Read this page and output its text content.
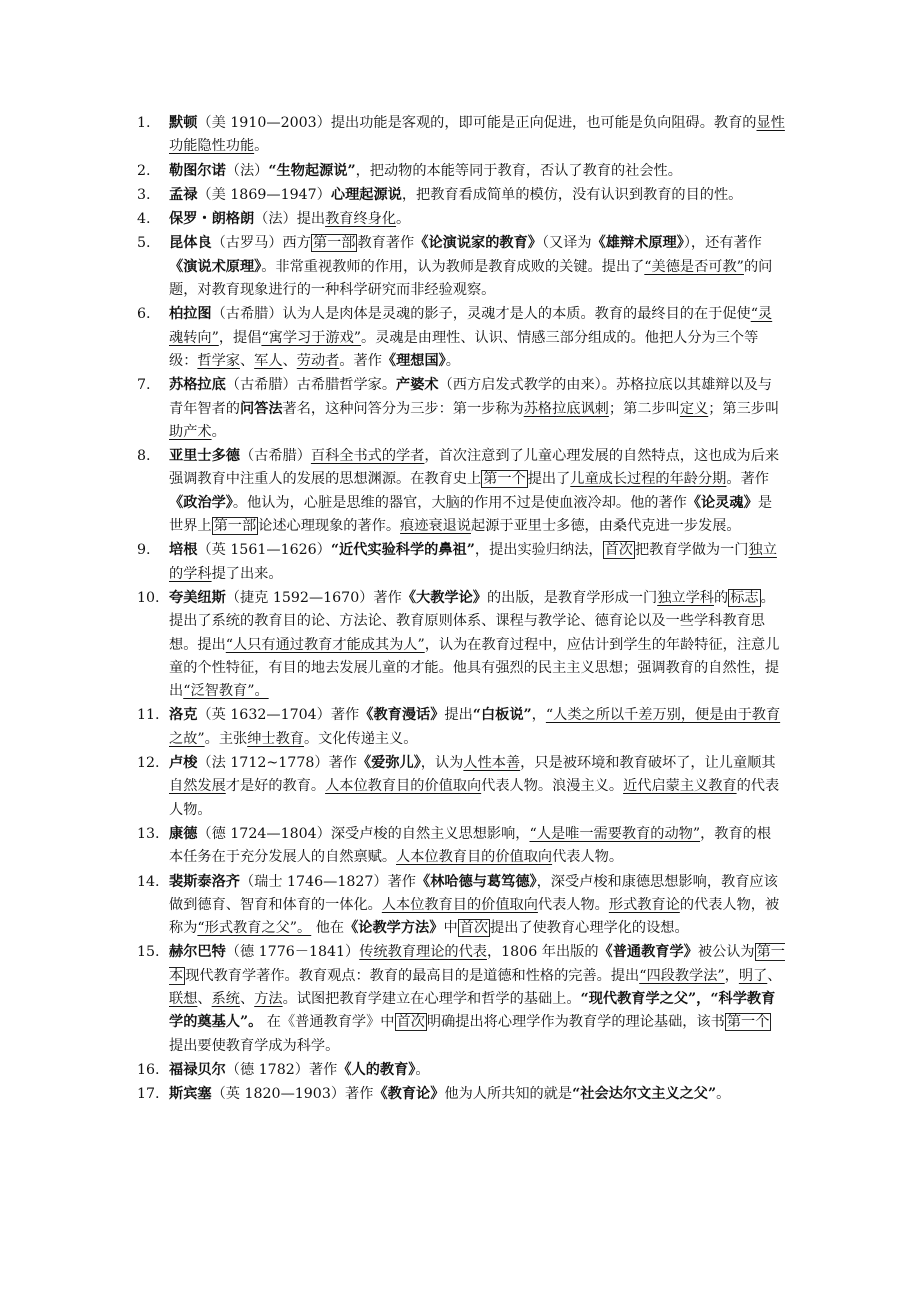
1.	默顿（美 1910—2003）提出功能是客观的，即可能是正向促进，也可能是负向阻碍。教育的显性功能隐性功能。
2.	勒图尔诺（法）“生物起源说”，把动物的本能等同于教育，否认了教育的社会性。
3.	孟禄（美 1869—1947）心理起源说，把教育看成简单的模仿，没有认识到教育的目的性。
4.	保罗・朗格朗（法）提出教育终身化。
5.	昆体良（古罗马）西方 第一部 教育著作《论演说家的教育》（又译为《雄辩术原理》），还有著作《演说术原理》。非常重视教师的作用，认为教师是教育成败的关键。提出了“美德是否可教”的问题，对教育现象进行的一种科学研究而非经验观察。
6.	柏拉图（古希腊）认为人是肉体是灵魂的影子，灵魂才是人的本质。教育的最终目的在于促使“灵魂转向”，提倡“寓学习于游戏”。灵魂是由理性、认识、情感三部分组成的。他把人分为三个等级：哲学家、军人、劳动者。著作《理想国》。
7.	苏格拉底（古希腊）古希腊哲学家。产婆术（西方启发式教学的由来）。苏格拉底以其雄辩以及与青年智者的问答法著名，这种问答分为三步：第一步称为苏格拉底讽刺；第二步叫定义；第三步叫助产术。
8.	亚里士多德（古希腊）百科全书式的学者，首次注意到了儿童心理发展的自然特点，这也成为后来强调教育中注重人的发展的思想渊源。在教育史上 第一个 提出了儿童成长过程的年龄分期。著作《政治学》。他认为，心脏是思维的器官，大脑的作用不过是使血液冷却。他的著作《论灵魂》是世界上 第一部 论述心理现象的著作。痕迹衰退说起源于亚里士多德，由桑代克进一步发展。
9.	培根（英 1561—1626）“近代实验科学的鼻祖”，提出实验归纳法， 首次 把教育学做为一门独立的学科提了出来。
10. 夸美纽斯（捷克 1592—1670）著作《大教学论》的出版，是教育学形成一门独立学科的 标志 。提出了系统的教育目的论、方法论、教育原则体系、课程与教学论、德育论以及一些学科教育思想。提出“人只有通过教育才能成其为人”，认为在教育过程中，应估计到学生的年龄特征，注意儿童的个性特征，有目的地去发展儿童的才能。他具有强烈的民主主义思想；强调教育的自然性，提出“泛智教育”。
11. 洛克（英 1632—1704）著作《教育漫话》提出“白板说”，“人类之所以千差万别，便是由于教育之故”。主张绅士教育。文化传递主义。
12. 卢梭（法 1712~1778）著作《爱弥儿》，认为人性本善，只是被环境和教育破坏了，让儿童顺其自然发展才是好的教育。人本位教育目的价值取向代表人物。浪漫主义。近代启蒙主义教育的代表人物。
13. 康德（德 1724—1804）深受卢梭的自然主义思想影响，“人是唯一需要教育的动物”，教育的根本任务在于充分发展人的自然禀赋。人本位教育目的价值取向代表人物。
14. 裴斯泰洛齐（瑞士 1746—1827）著作《林哈德与葛笃德》，深受卢梭和康德思想影响，教育应该做到德育、智育和体育的一体化。人本位教育目的价值取向代表人物。形式教育论的代表人物，被称为“形式教育之父”。 他在《论教学方法》中 首次 提出了使教育心理学化的设想。
15. 赫尔巴特（德 1776－1841）传统教育理论的代表，1806 年出版的《普通教育学》被公认为 第一本 现代教育学著作。教育观点：教育的最高目的是道德和性格的完善。提出“四段教学法”，明了、联想、系统、方法。试图把教育学建立在心理学和哲学的基础上。“现代教育学之父”，“科学教育学的奠基人”。 在《普通教育学》中 首次 明确提出将心理学作为教育学的理论基础，该书 第一个提出要使教育学成为科学。
16. 福禄贝尔（德 1782）著作《人的教育》。
17. 斯宾塞（英 1820—1903）著作《教育论》他为人所共知的就是“社会达尔文主义之父”。
